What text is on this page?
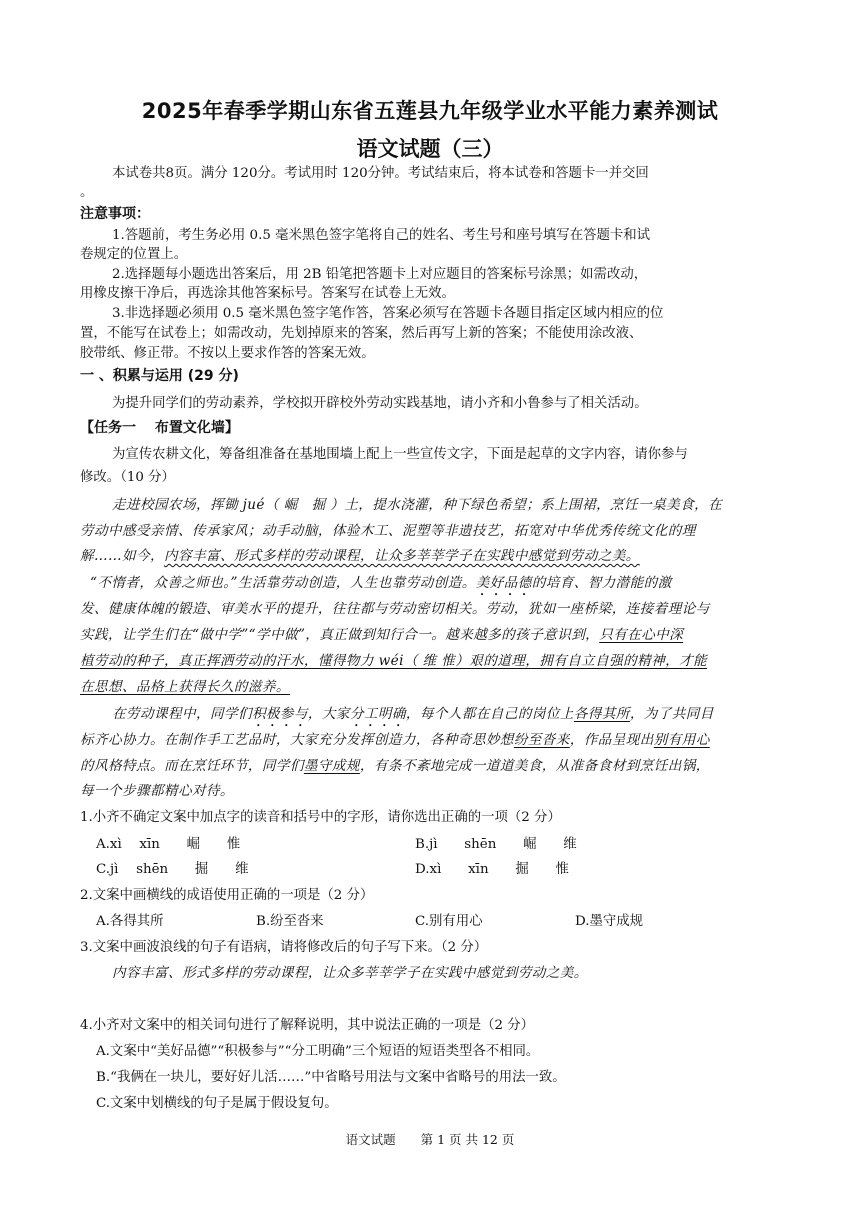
2025年春季学期山东省五莲县九年级学业水平能力素养测试
语文试题（三）
本试卷共8页。满分 120分。考试用时 120分钟。考试结束后，将本试卷和答题卡一并交回
。
注意事项：
1.答题前，考生务必用 0.5 毫米黑色签字笔将自己的姓名、考生号和座号填写在答题卡和试
卷规定的位置上。
2.选择题每小题选出答案后，用 2B 铅笔把答题卡上对应题目的答案标号涂黑；如需改动，
用橡皮擦干净后，再选涂其他答案标号。答案写在试卷上无效。
3.非选择题必须用 0.5 毫米黑色签字笔作答，答案必须写在答题卡各题目指定区域内相应的位
置，不能写在试卷上；如需改动，先划掉原来的答案，然后再写上新的答案；不能使用涂改液、
胶带纸、修正带。不按以上要求作答的答案无效。
一 、积累与运用 (29 分)
为提升同学们的劳动素养，学校拟开辟校外劳动实践基地，请小齐和小鲁参与了相关活动。
【任务一　 布置文化墙】
为宣传农耕文化，筹备组准备在基地围墙上配上一些宣传文字，下面是起草的文字内容，请你参与
修改。（10 分）
走进校园农场，挥锄 jué（ 崛　掘 ）土，提水浇灌，种下绿色希望；系上围裙，烹饪一桌美食，在
劳动中感受亲情、传承家风；动手动脑，体验木工、泥塑等非遗技艺，拓宽对中华优秀传统文化的理
解……如今，内容丰富、形式多样的劳动课程，让众多莘莘学子在实践中感觉到劳动之美。
“不惰者，众善之师也。”生活靠劳动创造，人生也靠劳动创造。美好品德的培育、智力潜能的激
发、健康体魄的锻造、审美水平的提升，往往都与劳动密切相关。劳动，犹如一座桥梁，连接着理论与
实践，让学生们在“做中学”“学中做”，真正做到知行合一。越来越多的孩子意识到，只有在心中深
植劳动的种子，真正挥洒劳动的汗水，懂得物力 wéi（ 维 惟）艰的道理，拥有自立自强的精神，才能
在思想、品格上获得长久的滋养。
在劳动课程中，同学们积极参与，大家分工明确，每个人都在自己的岗位上各得其所，为了共同目
标齐心协力。在制作手工艺品时，大家充分发挥创造力，各种奇思妙想纷至沓来，作品呈现出别有用心
的风格特点。而在烹饪环节，同学们墨守成规，有条不紊地完成一道道美食，从准备食材到烹饪出锅，
每一个步骤都精心对待。
1.小齐不确定文案中加点字的读音和括号中的字形，请你选出正确的一项（2 分）
A.xì　 xīn　　崛　　惟	B.jì　　shēn　　崛　　维
C.jì　 shēn　　掘　　维	D.xì　　xīn　　掘　　惟
2.文案中画横线的成语使用正确的一项是（2 分）
A.各得其所	B.纷至沓来	C.别有用心	D.墨守成规
3.文案中画波浪线的句子有语病，请将修改后的句子写下来。（2 分）
内容丰富、形式多样的劳动课程，让众多莘莘学子在实践中感觉到劳动之美。
4.小齐对文案中的相关词句进行了解释说明，其中说法正确的一项是（2 分）
A.文案中“美好品德”“积极参与”“分工明确”三个短语的短语类型各不相同。
B.“我俩在一块儿，要好好儿活……”中省略号用法与文案中省略号的用法一致。
C.文案中划横线的句子是属于假设复句。
语文试题　　第 1 页 共 12 页
